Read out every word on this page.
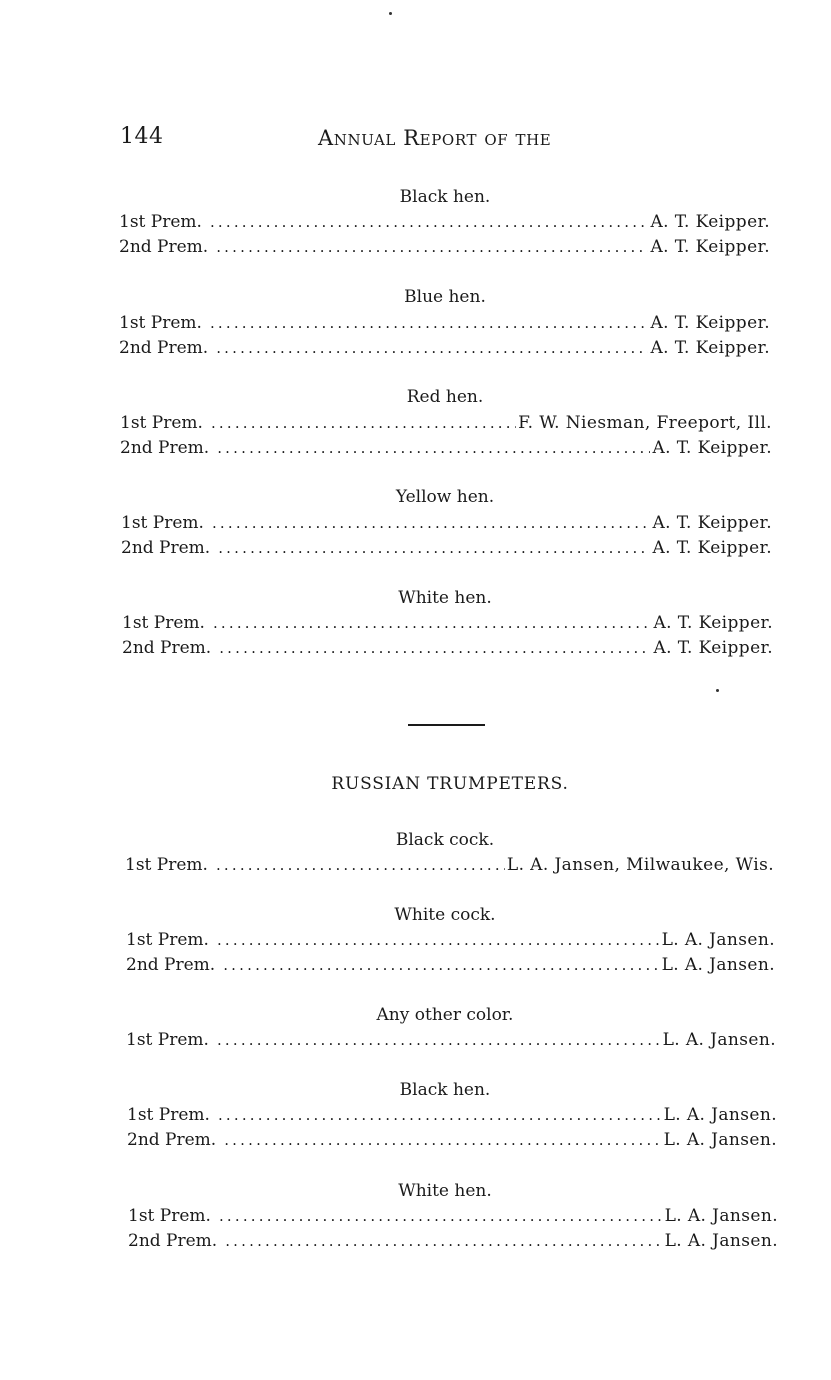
144	Annual Report of the
Black hen.
1st Prem. .....	A. T. Keipper.
2nd Prem. .....	A. T. Keipper.
Blue hen.
1st Prem. .....	A. T. Keipper.
2nd Prem. .....	A. T. Keipper.
Red hen.
1st Prem. .....	F. W. Niesman, Freeport, Ill.
2nd Prem. .....	A. T. Keipper.
Yellow hen.
1st Prem. .....	A. T. Keipper.
2nd Prem. .....	A. T. Keipper.
White hen.
1st Prem. .....	A. T. Keipper.
2nd Prem. .....	A. T. Keipper.
RUSSIAN TRUMPETERS.
Black cock.
1st Prem. .....	L. A. Jansen, Milwaukee, Wis.
White cock.
1st Prem. .....	L. A. Jansen.
2nd Prem. .....	L. A. Jansen.
Any other color.
1st Prem. .....	L. A. Jansen.
Black hen.
1st Prem. .....	L. A. Jansen.
2nd Prem. .....	L. A. Jansen.
White hen.
1st Prem. .....	L. A. Jansen.
2nd Prem. .....	L. A. Jansen.
